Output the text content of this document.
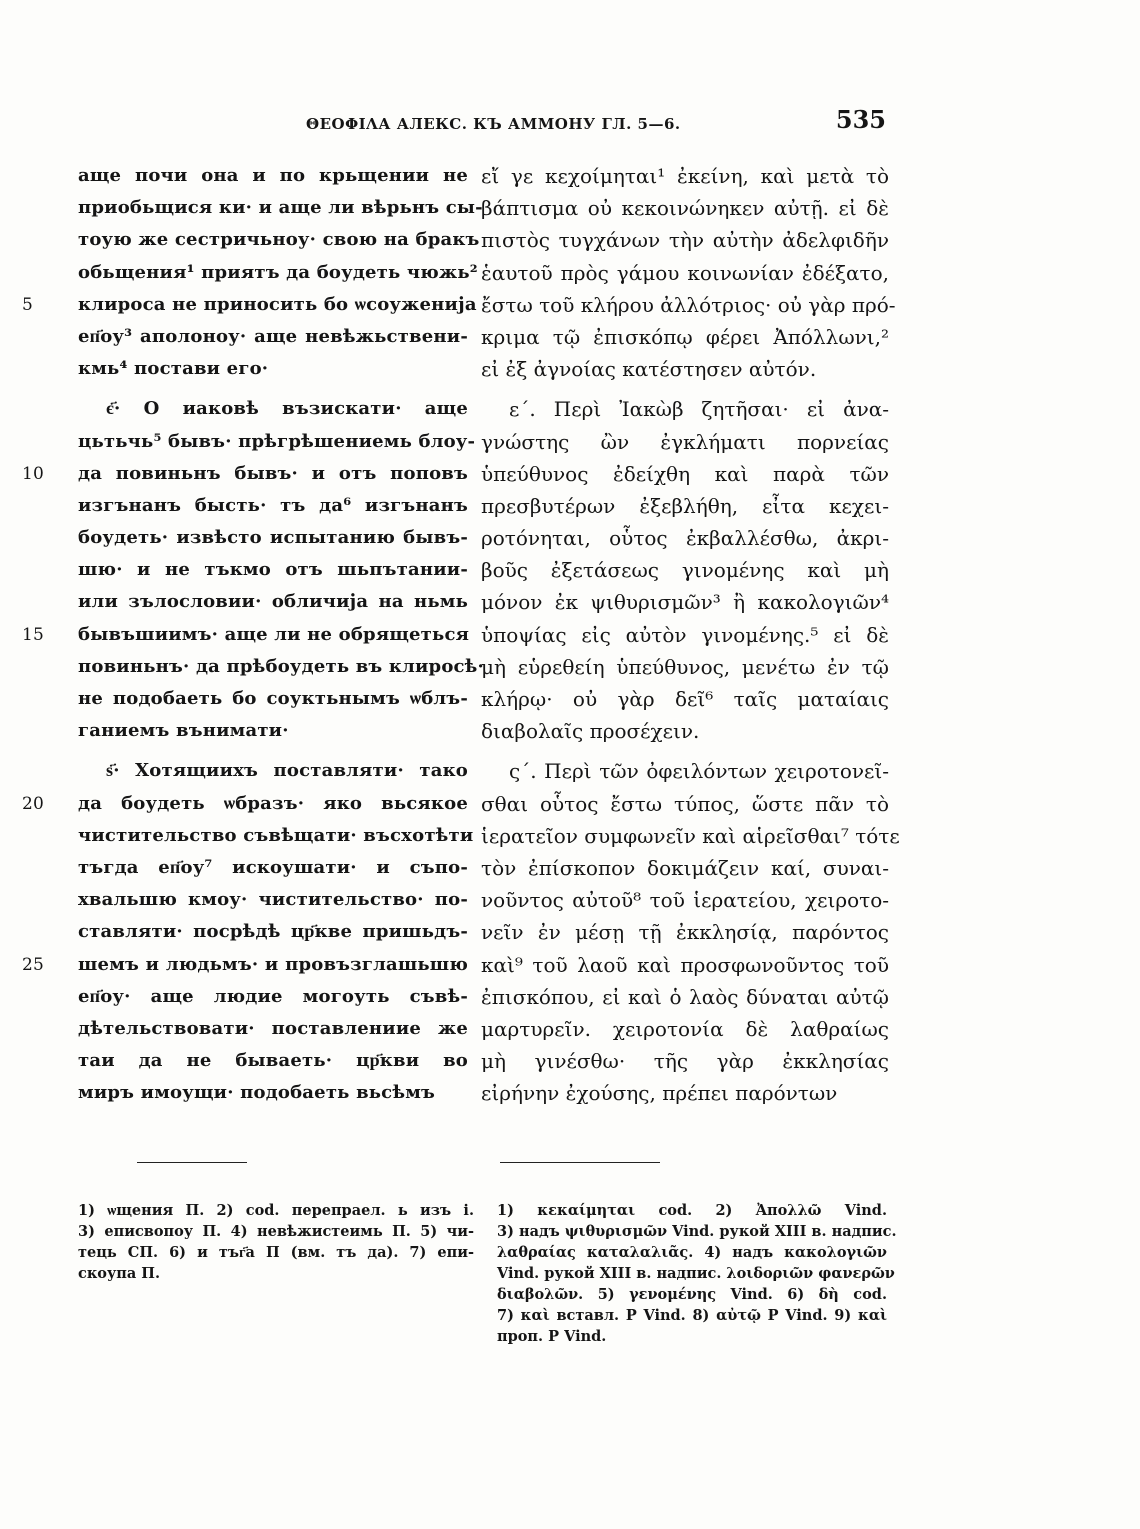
ΘΕΟΦΙΛА АЛЕКС. КЪ АММОНУ ГЛ. 5—6.	535
аще почи она и по крьщении не
приобьщися ки· и аще ли вѣрьнъ сы-
тоую же сестричьноу· свою на бракъ
обьщения¹ приятъ да боудеть чюжь²
клироса не приносить бо ѡсоуженија
5
еп҃оу³ аполоноу· аще невѣжьствени-
кмь⁴ постави его·
є҃· О иаковѣ възискати· аще
цьтьчь⁵ бывъ· прѣгрѣшениемь блоу-
да повиньнъ бывъ· и отъ поповъ
10
изгънанъ бысть· тъ да⁶ изгънанъ
боудеть· извѣсто испытанию бывъ-
шю· и не тъкмо отъ шьпътании-
или зълословии· обличија на ньмь
бывъшиимъ· аще ли не обрящеться
15
повиньнъ· да прѣбоудеть въ клиросѣ·
не подобаеть бо соуктьнымъ ѡблъ-
ганиемъ вънимати·
ѕ҃· Хотящиихъ поставляти· тако
да боудеть ѡбразъ· яко вьсякое
20
чистительство съвѣщати· въсхотѣти
тъгда еп҃оу⁷ искоушати· и съпо-
хвальшю кмоу· чистительство· по-
ставляти· посрѣдѣ цр҃кве пришьдъ-
шемъ и людьмъ· и провъзглашьшю
25
еп҃оу· аще людие могоуть съвѣ-
дѣтельствовати· поставлениие же
таи да не бываеть· цр҃кви во
миръ имоущи· подобаеть вьсѣмъ
εἴ γε κεχοίμηται¹ ἐκείνη, καὶ μετὰ τὸ
βάπτισμα οὐ κεκοινώνηκεν αὐτῇ. εἰ δὲ
πιστὸς τυγχάνων τὴν αὐτὴν ἀδελφιδῆν
ἑαυτοῦ πρὸς γάμου κοινωνίαν ἐδέξατο,
ἔστω τοῦ κλήρου ἀλλότριος· οὐ γὰρ πρό-
κριμα τῷ ἐπισκόπῳ φέρει Ἀπόλλωνι,²
εἰ ἐξ ἀγνοίας κατέστησεν αὐτόν.
ε΄. Περὶ Ἰακὼβ ζητῆσαι· εἰ ἀνα-
γνώστης ὢν ἐγκλήματι πορνείας
ὑπεύθυνος ἐδείχθη καὶ παρὰ τῶν
πρεσβυτέρων ἐξεβλήθη, εἶτα κεχει-
ροτόνηται, οὗτος ἐκβαλλέσθω, ἀκρι-
βοῦς ἐξετάσεως γινομένης καὶ μὴ
μόνον ἐκ ψιθυρισμῶν³ ἢ κακολογιῶν⁴
ὑποψίας εἰς αὐτὸν γινομένης.⁵ εἰ δὲ
μὴ εὑρεθείη ὑπεύθυνος, μενέτω ἐν τῷ
κλήρῳ· οὐ γὰρ δεῖ⁶ ταῖς ματαίαις
διαβολαῖς προσέχειν.
ς΄. Περὶ τῶν ὀφειλόντων χειροτονεῖ-
σθαι οὗτος ἔστω τύπος, ὥστε πᾶν τὸ
ἱερατεῖον συμφωνεῖν καὶ αἱρεῖσθαι⁷ τότε
τὸν ἐπίσκοπον δοκιμάζειν καί, συναι-
νοῦντος αὐτοῦ⁸ τοῦ ἱερατείου, χειροτο-
νεῖν ἐν μέσῃ τῇ ἐκκλησίᾳ, παρόντος
καὶ⁹ τοῦ λαοῦ καὶ προσφωνοῦντος τοῦ
ἐπισκόπου, εἰ καὶ ὁ λαὸς δύναται αὐτῷ
μαρτυρεῖν. χειροτονία δὲ λαθραίως
μὴ γινέσθω· τῆς γὰρ ἐκκλησίας
εἰρήνην ἐχούσης, πρέπει παρόντων
1) ѡщения П. 2) cod. перепраел. ь изъ і.
3) еписвопоу П. 4) невѣжистеимь П. 5) чи-
тець СП. 6) и тъг҃а П (вм. тъ да). 7) епи-
скоупа П.
1) κεκαίμηται cod. 2) Ἀπολλῶ Vind.
3) надъ ψιθυρισμῶν Vind. рукой XIII в. надпис.
λαθραίας καταλαλιᾶς. 4) надъ κακολογιῶν
Vind. рукой XIII в. надпис. λοιδοριῶν φανερῶν
διαβολῶν. 5) γενομένης Vind. 6) δὴ cod.
7) καὶ вставл. P Vind. 8) αὐτῷ P Vind. 9) καὶ
проп. P Vind.
